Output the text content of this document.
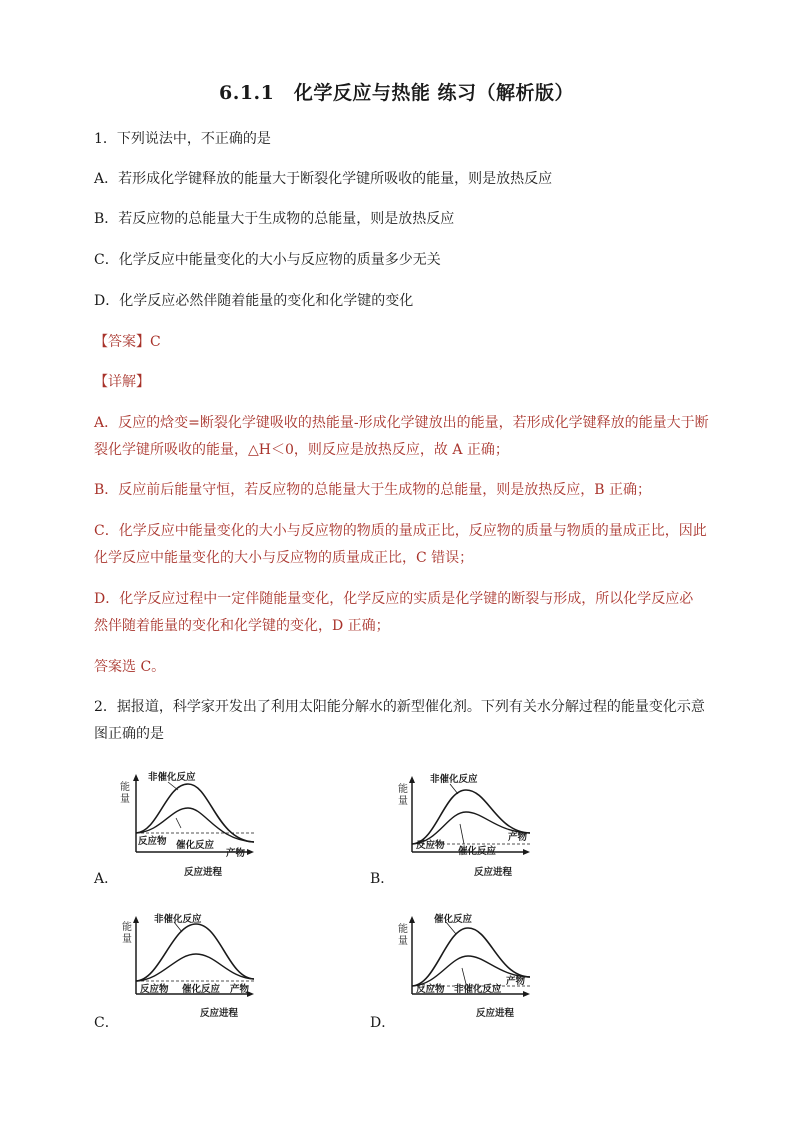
6.1.1　化学反应与热能 练习（解析版）
1．下列说法中，不正确的是
A．若形成化学键释放的能量大于断裂化学键所吸收的能量，则是放热反应
B．若反应物的总能量大于生成物的总能量，则是放热反应
C．化学反应中能量变化的大小与反应物的质量多少无关
D．化学反应必然伴随着能量的变化和化学键的变化
【答案】C
【详解】
A．反应的焓变=断裂化学键吸收的热能量-形成化学键放出的能量，若形成化学键释放的能量大于断
裂化学键所吸收的能量，△H＜0，则反应是放热反应，故 A 正确；
B．反应前后能量守恒，若反应物的总能量大于生成物的总能量，则是放热反应，B 正确；
C．化学反应中能量变化的大小与反应物的物质的量成正比，反应物的质量与物质的量成正比，因此
化学反应中能量变化的大小与反应物的质量成正比，C 错误；
D．化学反应过程中一定伴随能量变化，化学反应的实质是化学键的断裂与形成，所以化学反应必
然伴随着能量的变化和化学键的变化，D 正确；
答案选 C。
2．据报道，科学家开发出了利用太阳能分解水的新型催化剂。下列有关水分解过程的能量变化示意
图正确的是
A．	B．
C．	D．
能
量
非催化反应
催化反应
反应物
产物
反应进程
能
量
非催化反应
催化反应
反应物
产物
反应进程
能
量
非催化反应
催化反应
反应物	产物
反应进程
能
量
催化反应
非催化反应
反应物
产物
反应进程
